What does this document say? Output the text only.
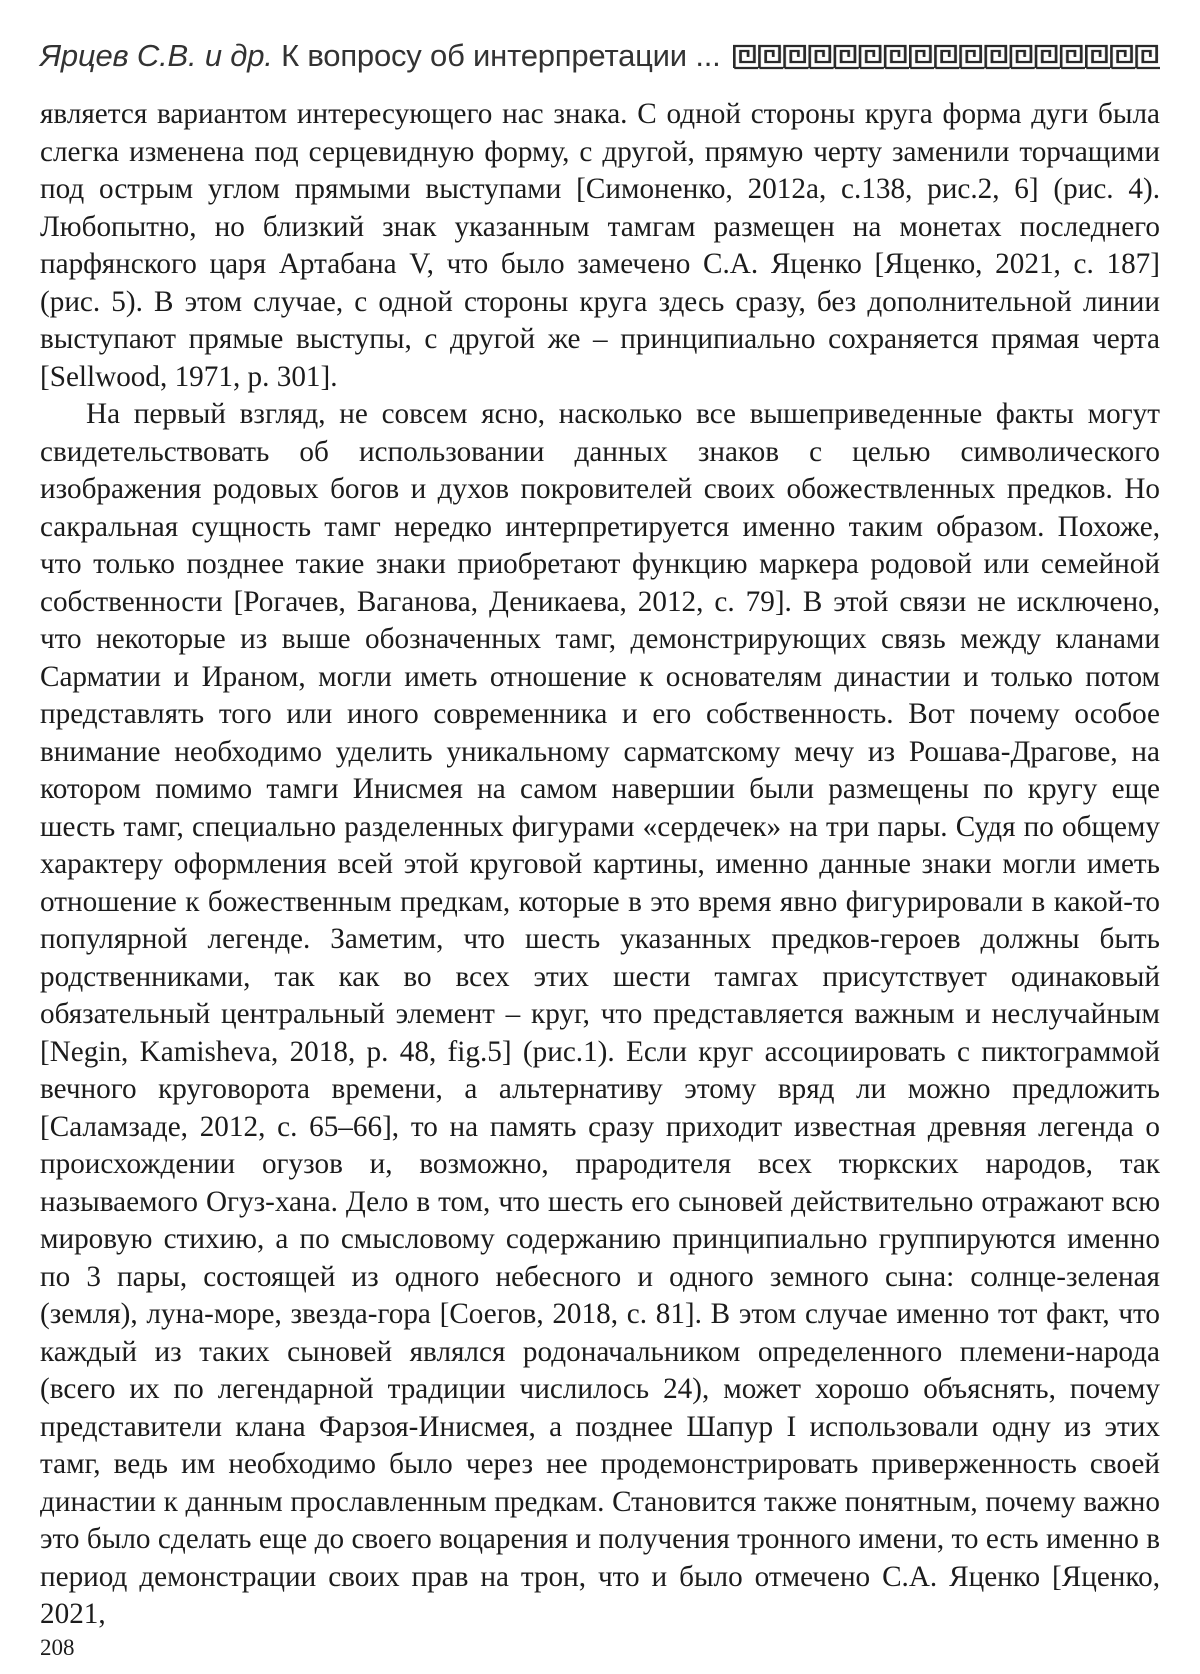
Ярцев С.В. и др. К вопросу об интерпретации ...

является вариантом интересующего нас знака. С одной стороны круга форма дуги была слегка изменена под серцевидную форму, с другой, прямую черту заменили торчащими под острым углом прямыми выступами [Симоненко, 2012а, с.138, рис.2, 6] (рис. 4). Любопытно, но близкий знак указанным тамгам размещен на монетах последнего парфянского царя Артабана V, что было замечено С.А. Яценко [Яценко, 2021, с. 187] (рис. 5). В этом случае, с одной стороны круга здесь сразу, без дополнительной линии выступают прямые выступы, с другой же – принципиально сохраняется прямая черта [Sellwood, 1971, p. 301].

На первый взгляд, не совсем ясно, насколько все вышеприведенные факты могут свидетельствовать об использовании данных знаков с целью символического изображения родовых богов и духов покровителей своих обожествленных предков. Но сакральная сущность тамг нередко интерпретируется именно таким образом. Похоже, что только позднее такие знаки приобретают функцию маркера родовой или семейной собственности [Рогачев, Ваганова, Деникаева, 2012, с. 79]. В этой связи не исключено, что некоторые из выше обозначенных тамг, демонстрирующих связь между кланами Сарматии и Ираном, могли иметь отношение к основателям династии и только потом представлять того или иного современника и его собственность. Вот почему особое внимание необходимо уделить уникальному сарматскому мечу из Рошава-Драгове, на котором помимо тамги Инисмея на самом навершии были размещены по кругу еще шесть тамг, специально разделенных фигурами «сердечек» на три пары. Судя по общему характеру оформления всей этой круговой картины, именно данные знаки могли иметь отношение к божественным предкам, которые в это время явно фигурировали в какой-то популярной легенде. Заметим, что шесть указанных предков-героев должны быть родственниками, так как во всех этих шести тамгах присутствует одинаковый обязательный центральный элемент – круг, что представляется важным и неслучайным [Negin, Kamisheva, 2018, p. 48, fig.5] (рис.1). Если круг ассоциировать с пиктограммой вечного круговорота времени, а альтернативу этому вряд ли можно предложить [Саламзаде, 2012, с. 65–66], то на память сразу приходит известная древняя легенда о происхождении огузов и, возможно, прародителя всех тюркских народов, так называемого Огуз-хана. Дело в том, что шесть его сыновей действительно отражают всю мировую стихию, а по смысловому содержанию принципиально группируются именно по 3 пары, состоящей из одного небесного и одного земного сына: солнце-зеленая (земля), луна-море, звезда-гора [Соегов, 2018, с. 81]. В этом случае именно тот факт, что каждый из таких сыновей являлся родоначальником определенного племени-народа (всего их по легендарной традиции числилось 24), может хорошо объяснять, почему представители клана Фарзоя-Инисмея, а позднее Шапур I использовали одну из этих тамг, ведь им необходимо было через нее продемонстрировать приверженность своей династии к данным прославленным предкам. Становится также понятным, почему важно это было сделать еще до своего воцарения и получения тронного имени, то есть именно в период демонстрации своих прав на трон, что и было отмечено С.А. Яценко [Яценко, 2021,

208
